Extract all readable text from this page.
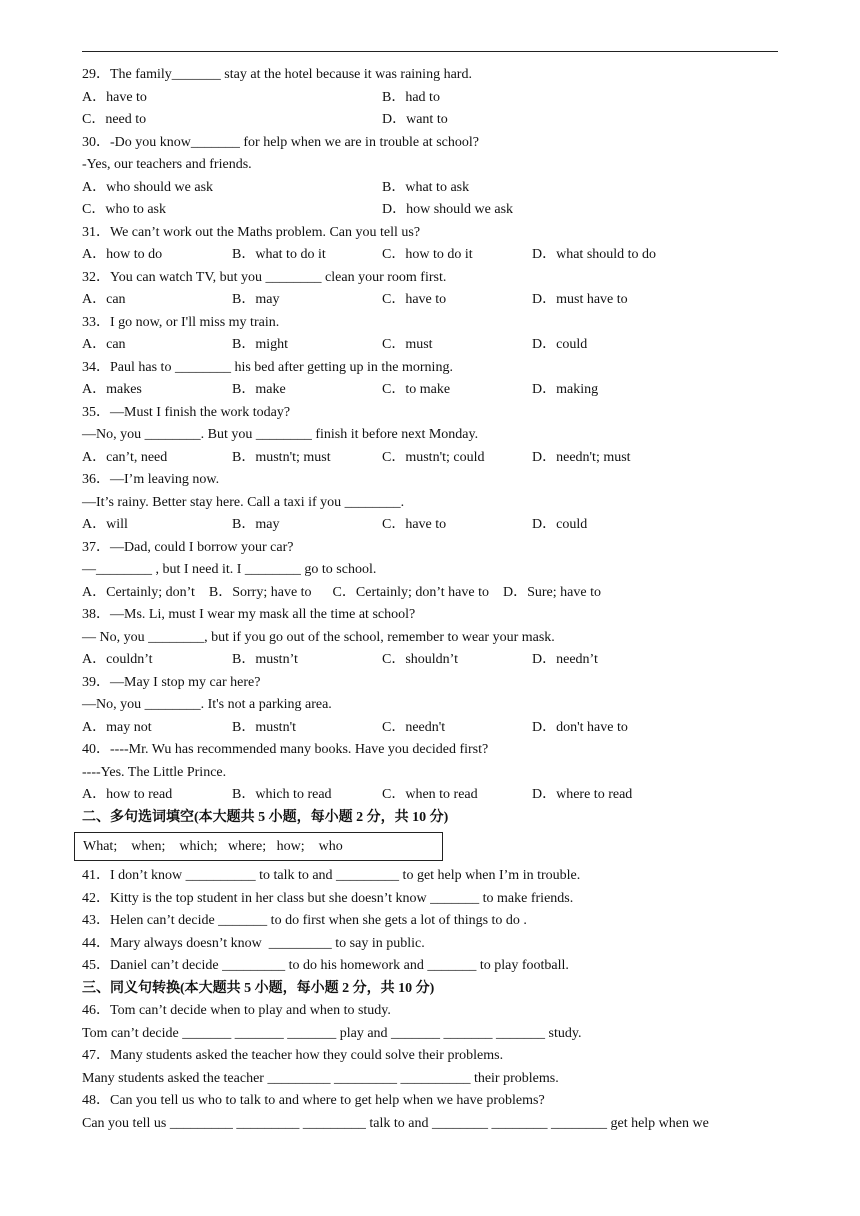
29．The family_______ stay at the hotel because it was raining hard.
A．have to	B．had to
C．need to	D．want to
30．-Do you know_______ for help when we are in trouble at school?
-Yes, our teachers and friends.
A．who should we ask	B．what to ask
C．who to ask	D．how should we ask
31．We can’t work out the Maths problem. Can you tell us?
A．how to do	B．what to do it	C．how to do it	D．what should to do
32．You can watch TV, but you ________ clean your room first.
A．can	B．may	C．have to	D．must have to
33．I go now, or I'll miss my train.
A．can	B．might	C．must	D．could
34．Paul has to ________ his bed after getting up in the morning.
A．makes	B．make	C．to make	D．making
35．—Must I finish the work today?
—No, you ________. But you ________ finish it before next Monday.
A．can’t, need	B．mustn't; must	C．mustn't; could	D．needn't; must
36．—I’m leaving now.
—It’s rainy. Better stay here. Call a taxi if you ________.
A．will	B．may	C．have to	D．could
37．—Dad, could I borrow your car?
—________ , but I need it. I ________ go to school.
A．Certainly; don’t    B．Sorry; have to      C．Certainly; don’t have to    D．Sure; have to
38．—Ms. Li, must I wear my mask all the time at school?
— No, you ________, but if you go out of the school, remember to wear your mask.
A．couldn’t	B．mustn’t	C．shouldn’t	D．needn’t
39．—May I stop my car here?
—No, you ________. It's not a parking area.
A．may not	B．mustn't	C．needn't	D．don't have to
40．----Mr. Wu has recommended many books. Have you decided first?
----Yes. The Little Prince.
A．how to read	B．which to read	C．when to read	D．where to read
二、多句选词填空(本大题共 5 小题，每小题 2 分，共 10 分)
What;    when;    which;   where;   how;    who
41．I don’t know __________ to talk to and _________ to get help when I’m in trouble.
42．Kitty is the top student in her class but she doesn’t know _______ to make friends.
43．Helen can’t decide _______ to do first when she gets a lot of things to do .
44．Mary always doesn’t know  _________ to say in public.
45．Daniel can’t decide _________ to do his homework and _______ to play football.
三、同义句转换(本大题共 5 小题，每小题 2 分，共 10 分)
46．Tom can’t decide when to play and when to study.
Tom can’t decide _______ _______ _______ play and _______ _______ _______ study.
47．Many students asked the teacher how they could solve their problems.
Many students asked the teacher _________ _________ __________ their problems.
48．Can you tell us who to talk to and where to get help when we have problems?
Can you tell us _________ _________ _________ talk to and ________ ________ ________ get help when we
